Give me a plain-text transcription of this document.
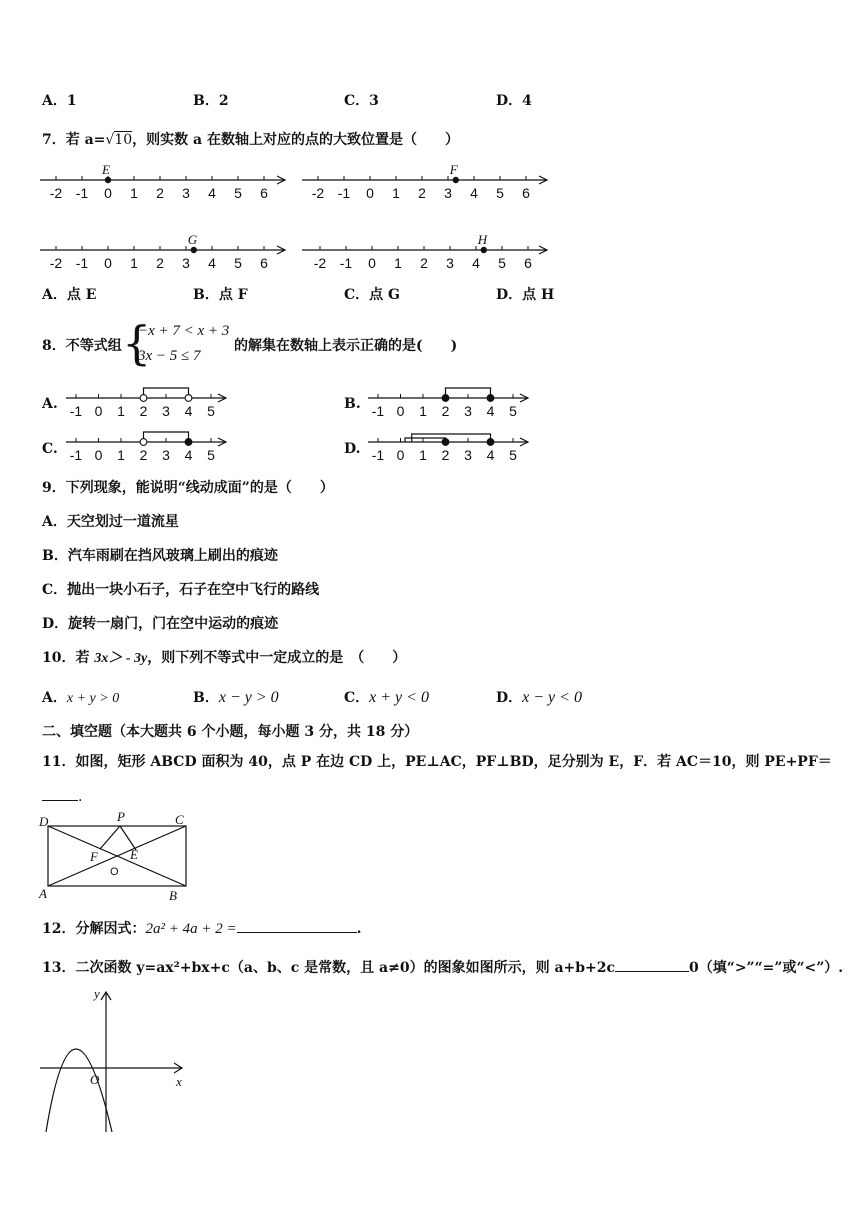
A．1	B．2	C．3	D．4
7．若 a=√10，则实数 a 在数轴上对应的点的大致位置是（　　）
-2 -1 0 1 2 3 4 5 6
E
-2 -1 0 1 2 3 4 5 6
F
-2 -1 0 1 2 3 4 5 6
G
-2 -1 0 1 2 3 4 5 6
H
A．点 E	B．点 F	C．点 G	D．点 H
8．不等式组 {
−x + 7 < x + 3
3x − 5 ≤ 7
的解集在数轴上表示正确的是(　　)
A. -1 0 1 2 3 4 5	B. -1 0 1 2 3 4 5
C. -1 0 1 2 3 4 5	D. -1 0 1 2 3 4 5
9．下列现象，能说明“线动成面”的是（　　）
A．天空划过一道流星
B．汽车雨刷在挡风玻璃上刷出的痕迹
C．抛出一块小石子，石子在空中飞行的路线
D．旋转一扇门，门在空中运动的痕迹
10．若 3x＞ - 3y，则下列不等式中一定成立的是　（　　）
A．x + y > 0	B．x − y > 0	C．x + y < 0	D．x − y < 0
二、填空题（本大题共 6 个小题，每小题 3 分，共 18 分）
11．如图，矩形 ABCD 面积为 40，点 P 在边 CD 上，PE⊥AC，PF⊥BD，足分别为 E，F．若 AC＝10，则 PE+PF＝
.
D	C
A	B
P
E
F
O
12．分解因式：2a² + 4a + 2 =	.
13．二次函数 y=ax²+bx+c（a、b、c 是常数，且 a≠0）的图象如图所示，则 a+b+2c	0（填“>”“=”或“<”）.
y
x
O
